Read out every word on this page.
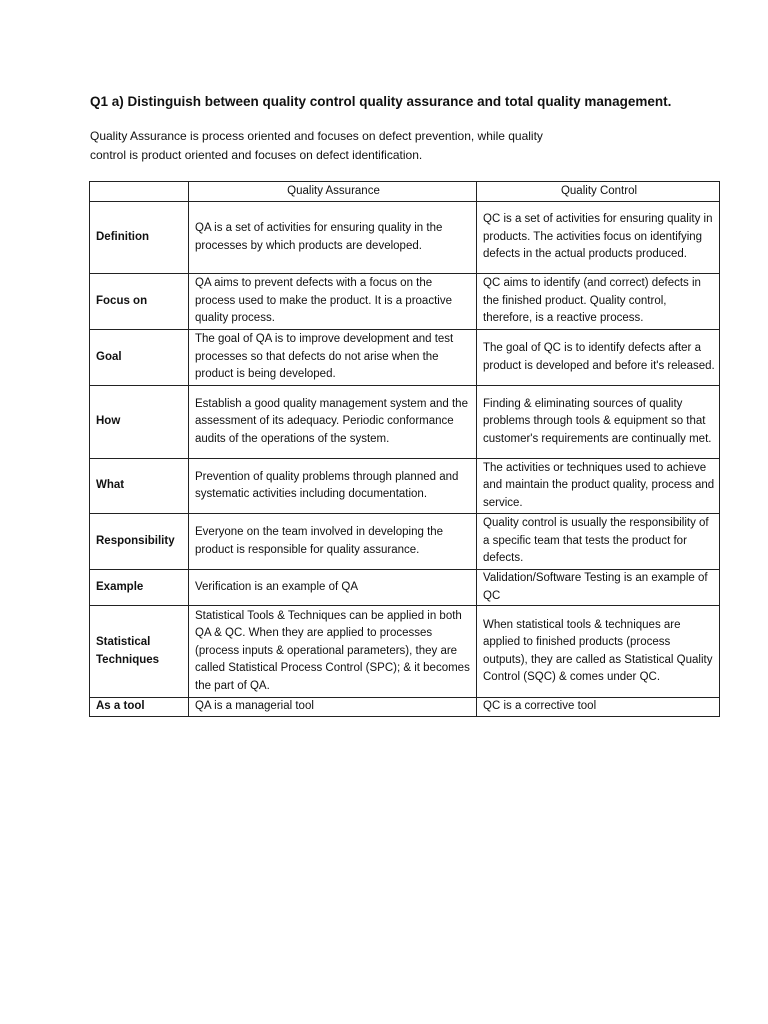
Q1 a) Distinguish between quality control quality assurance and total quality management.
Quality Assurance is process oriented and focuses on defect prevention, while quality
control is product oriented and focuses on defect identification.
	Quality Assurance	Quality Control
Definition	QA is a set of activities for ensuring quality in the processes by which products are developed.	QC is a set of activities for ensuring quality in products. The activities focus on identifying defects in the actual products produced.
Focus on	QA aims to prevent defects with a focus on the process used to make the product. It is a proactive quality process.	QC aims to identify (and correct) defects in the finished product. Quality control, therefore, is a reactive process.
Goal	The goal of QA is to improve development and test processes so that defects do not arise when the product is being developed.	The goal of QC is to identify defects after a product is developed and before it's released.
How	Establish a good quality management system and the assessment of its adequacy. Periodic conformance audits of the operations of the system.	Finding & eliminating sources of quality problems through tools & equipment so that customer's requirements are continually met.
What	Prevention of quality problems through planned and systematic activities including documentation.	The activities or techniques used to achieve and maintain the product quality, process and service.
Responsibility	Everyone on the team involved in developing the product is responsible for quality assurance.	Quality control is usually the responsibility of a specific team that tests the product for defects.
Example	Verification is an example of QA	Validation/Software Testing is an example of QC
Statistical Techniques	Statistical Tools & Techniques can be applied in both QA & QC. When they are applied to processes (process inputs & operational parameters), they are called Statistical Process Control (SPC); & it becomes the part of QA.	When statistical tools & techniques are applied to finished products (process outputs), they are called as Statistical Quality Control (SQC) & comes under QC.
As a tool	QA is a managerial tool	QC is a corrective tool
